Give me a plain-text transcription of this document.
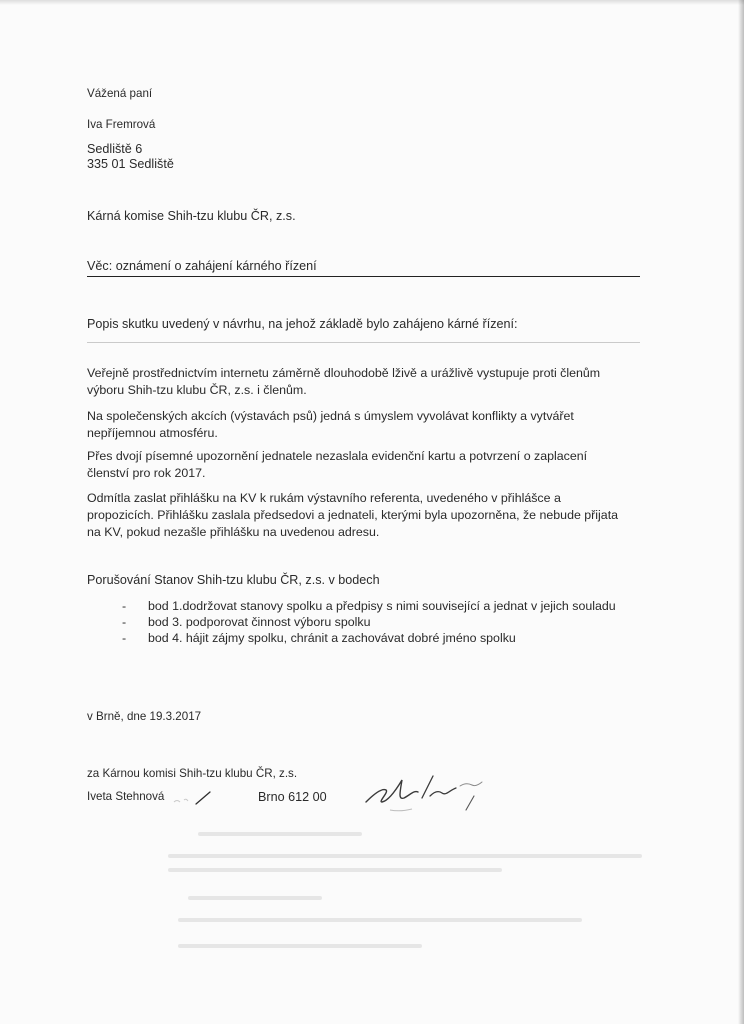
Vážená paní
Iva Fremrová
Sedliště 6
335 01 Sedliště
Kárná komise Shih-tzu klubu ČR, z.s.
Věc: oznámení o zahájení kárného řízení
Popis skutku uvedený v návrhu, na jehož základě bylo zahájeno kárné řízení:

Veřejně prostřednictvím internetu záměrně dlouhodobě lživě a urážlivě vystupuje proti členům

výboru Shih-tzu klubu ČR, z.s. i členům.

Na společenských akcích (výstavách psů) jedná s úmyslem vyvolávat konflikty a vytvářet

nepříjemnou atmosféru.

Přes dvojí písemné upozornění jednatele nezaslala evidenční kartu a potvrzení o zaplacení

členství pro rok 2017.

Odmítla zaslat přihlášku na KV k rukám výstavního referenta, uvedeného v přihlášce a

propozicích. Přihlášku zaslala předsedovi a jednateli, kterými byla upozorněna, že nebude přijata

na KV, pokud nezašle přihlášku na uvedenou adresu.

Porušování Stanov Shih-tzu klubu ČR, z.s. v bodech
- bod 1.dodržovat stanovy spolku a předpisy s nimi související a jednat v jejich souladu
- bod 3. podporovat činnost výboru spolku
- bod 4. hájit zájmy spolku, chránit a zachovávat dobré jméno spolku
v Brně, dne 19.3.2017
za Kárnou komisi Shih-tzu klubu ČR, z.s.
Iveta Stehnová	Brno 612 00
